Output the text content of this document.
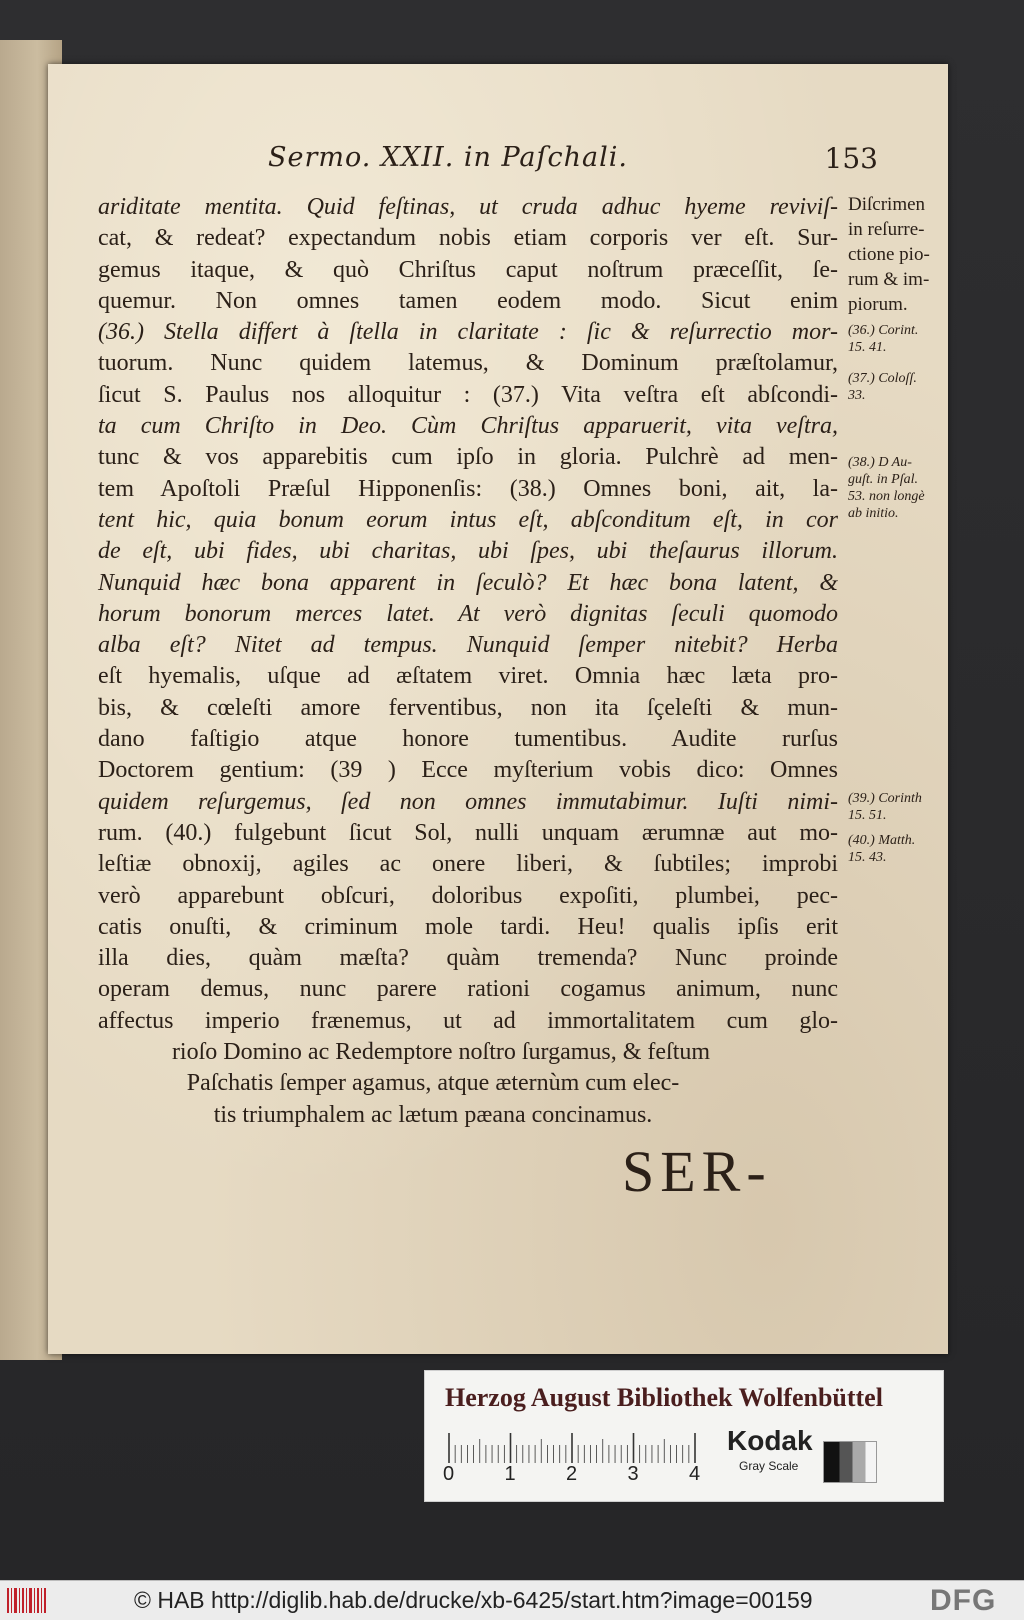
Sermo. XXII. in Paſchali.	153
ariditate mentita. Quid feſtinas, ut cruda adhuc hyeme reviviſ-
cat, & redeat? expectandum nobis etiam corporis ver eſt. Sur-
gemus itaque, & quò Chriſtus caput noſtrum præceſſit, ſe-
quemur. Non omnes tamen eodem modo. Sicut enim
(36.) Stella differt à ſtella in claritate : ſic & reſurrectio mor-
tuorum. Nunc quidem latemus, & Dominum præſtolamur,
ſicut S. Paulus nos alloquitur : (37.) Vita veſtra eſt abſcondi-
ta cum Chriſto in Deo. Cùm Chriſtus apparuerit, vita veſtra,
tunc & vos apparebitis cum ipſo in gloria. Pulchrè ad men-
tem Apoſtoli Præſul Hipponenſis: (38.) Omnes boni, ait, la-
tent hic, quia bonum eorum intus eſt, abſconditum eſt, in cor
de eſt, ubi fides, ubi charitas, ubi ſpes, ubi theſaurus illorum.
Nunquid hæc bona apparent in ſeculò? Et hæc bona latent, &
horum bonorum merces latet. At verò dignitas ſeculi quomodo
alba eſt? Nitet ad tempus. Nunquid ſemper nitebit? Herba
eſt hyemalis, uſque ad æſtatem viret. Omnia hæc læta pro-
bis, & cœleſti amore ferventibus, non ita ſçeleſti & mun-
dano faſtigio atque honore tumentibus. Audite rurſus
Doctorem gentium: (39 ) Ecce myſterium vobis dico: Omnes
quidem reſurgemus, ſed non omnes immutabimur. Iuſti nimi-
rum. (40.) fulgebunt ſicut Sol, nulli unquam ærumnæ aut mo-
leſtiæ obnoxij, agiles ac onere liberi, & ſubtiles; improbi
verò apparebunt obſcuri, doloribus expoſiti, plumbei, pec-
catis onuſti, & criminum mole tardi. Heu! qualis ipſis erit
illa dies, quàm mæſta? quàm tremenda? Nunc proinde
operam demus, nunc parere rationi cogamus animum, nunc
affectus imperio frænemus, ut ad immortalitatem cum glo-
rioſo Domino ac Redemptore noſtro ſurgamus, & feſtum
Paſchatis ſemper agamus, atque æternùm cum elec-
tis triumphalem ac lætum pæana concinamus.
Diſcrimen
in reſurre-
ctione pio-
rum & im-
piorum.
(36.) Corint.
15. 41.
(37.) Coloſſ.
33.
(38.) D Au-
guſt. in Pſal.
53. non longè
ab initio.
(39.) Corinth
15. 51.
(40.) Matth.
15. 43.
SER-
Herzog August Bibliothek Wolfenbüttel
0	1	2	3	4
Kodak
Gray Scale
© HAB http://diglib.hab.de/drucke/xb-6425/start.htm?image=00159	DFG
